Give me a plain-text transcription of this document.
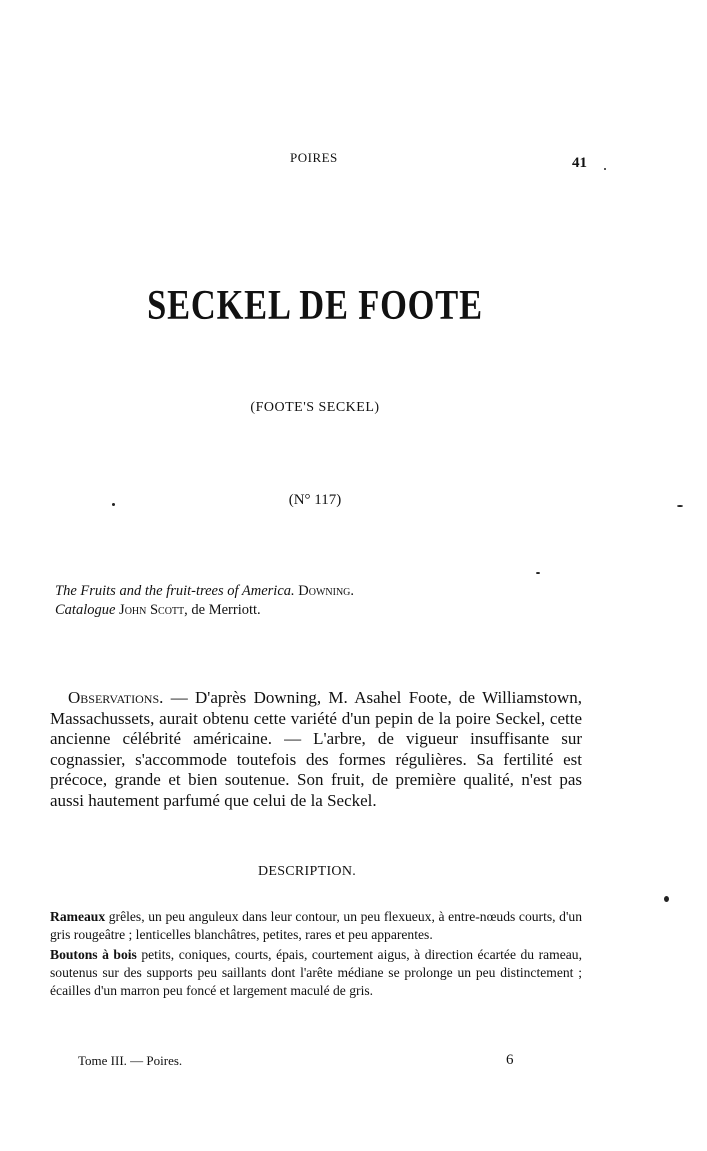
POIRES	41
SECKEL DE FOOTE
(FOOTE'S SECKEL)
(N° 117)
The Fruits and the fruit-trees of America. Downing.
Catalogue John Scott, de Merriott.
Observations. — D'après Downing, M. Asahel Foote, de Williamstown, Massachussets, aurait obtenu cette variété d'un pepin de la poire Seckel, cette ancienne célébrité américaine. — L'arbre, de vigueur insuffisante sur cognassier, s'accommode toutefois des formes régulières. Sa fertilité est précoce, grande et bien soutenue. Son fruit, de première qualité, n'est pas aussi hautement parfumé que celui de la Seckel.
DESCRIPTION.

Rameaux grêles, un peu anguleux dans leur contour, un peu flexueux, à entre-nœuds courts, d'un gris rougeâtre ; lenticelles blanchâtres, petites, rares et peu apparentes.

Boutons à bois petits, coniques, courts, épais, courtement aigus, à direction écartée du rameau, soutenus sur des supports peu saillants dont l'arête médiane se prolonge un peu distinctement ; écailles d'un marron peu foncé et largement maculé de gris.

Tome III. — Poires.	6
